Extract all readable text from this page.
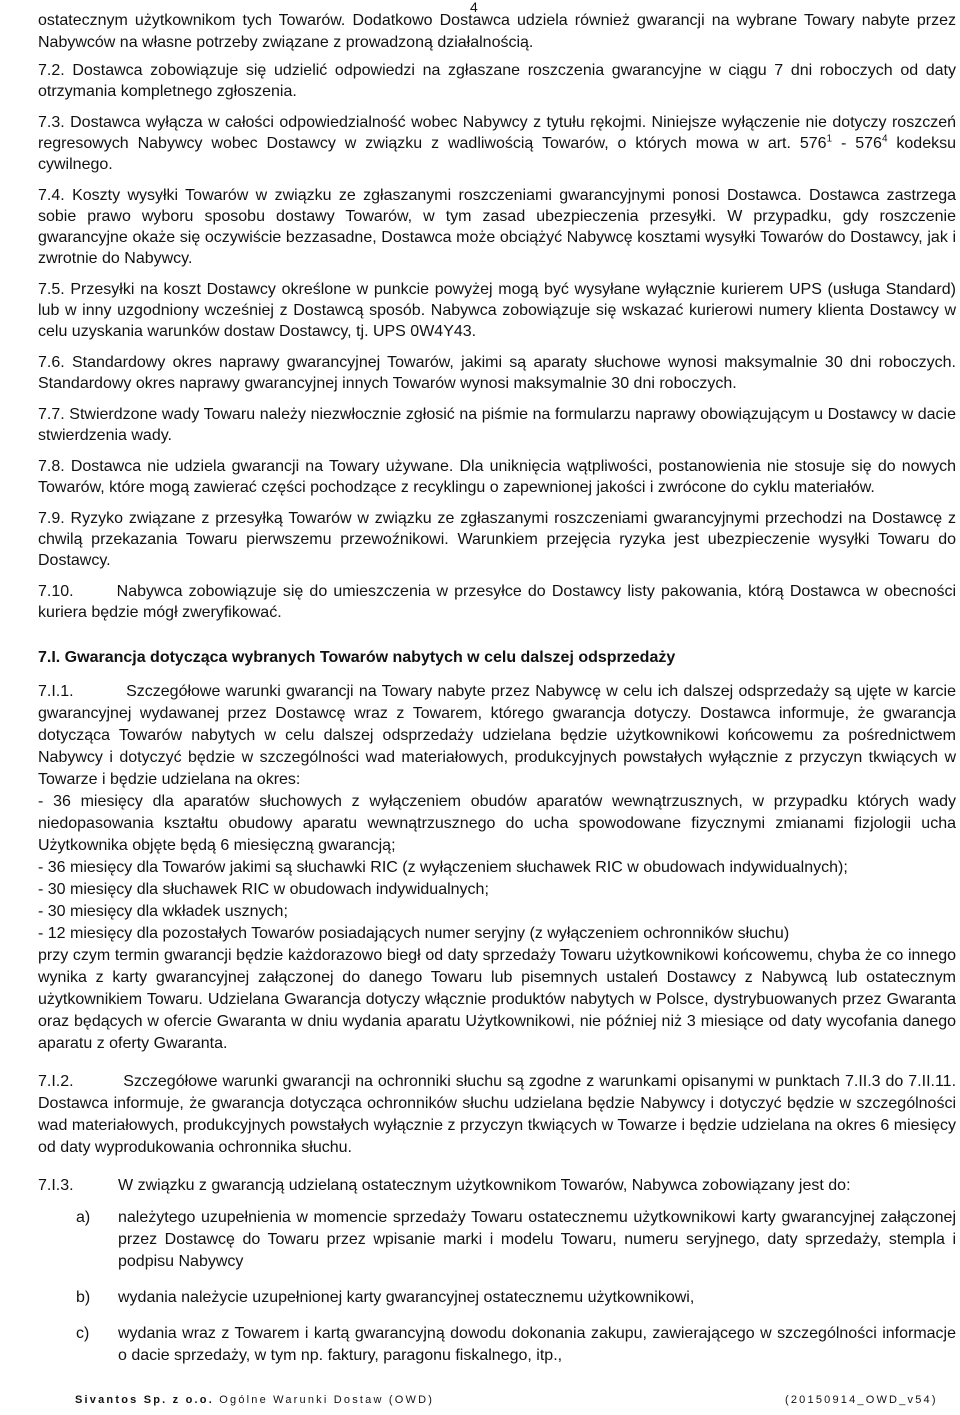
4

ostatecznym użytkownikom tych Towarów. Dodatkowo Dostawca udziela również gwarancji na wybrane Towary nabyte przez Nabywców na własne potrzeby związane z prowadzoną działalnością.

7.2. Dostawca zobowiązuje się udzielić odpowiedzi na zgłaszane roszczenia gwarancyjne w ciągu 7 dni roboczych od daty otrzymania kompletnego zgłoszenia.
7.3. Dostawca wyłącza w całości odpowiedzialność wobec Nabywcy z tytułu rękojmi. Niniejsze wyłączenie nie dotyczy roszczeń regresowych Nabywcy wobec Dostawcy w związku z wadliwością Towarów, o których mowa w art. $576^1 - 576^4$ kodeksu cywilnego.
7.4. Koszty wysyłki Towarów w związku ze zgłaszanymi roszczeniami gwarancyjnymi ponosi Dostawca. Dostawca zastrzega sobie prawo wyboru sposobu dostawy Towarów, w tym zasad ubezpieczenia przesyłki. W przypadku, gdy roszczenie gwarancyjne okaże się oczywiście bezzasadne, Dostawca może obciążyć Nabywcę kosztami wysyłki Towarów do Dostawcy, jak i zwrotnie do Nabywcy.
7.5. Przesyłki na koszt Dostawcy określone w punkcie powyżej mogą być wysyłane wyłącznie kurierem UPS (usługa Standard) lub w inny uzgodniony wcześniej z Dostawcą sposób. Nabywca zobowiązuje się wskazać kurierowi numery klienta Dostawcy w celu uzyskania warunków dostaw Dostawcy, tj. UPS 0W4Y43.
7.6. Standardowy okres naprawy gwarancyjnej Towarów, jakimi są aparaty słuchowe wynosi maksymalnie 30 dni roboczych. Standardowy okres naprawy gwarancyjnej innych Towarów wynosi maksymalnie 30 dni roboczych.
7.7. Stwierdzone wady Towaru należy niezwłocznie zgłosić na piśmie na formularzu naprawy obowiązującym u Dostawcy w dacie stwierdzenia wady.
7.8. Dostawca nie udziela gwarancji na Towary używane. Dla uniknięcia wątpliwości, postanowienia nie stosuje się do nowych Towarów, które mogą zawierać części pochodzące z recyklingu o zapewnionej jakości i zwrócone do cyklu materiałów.
7.9. Ryzyko związane z przesyłką Towarów w związku ze zgłaszanymi roszczeniami gwarancyjnymi przechodzi na Dostawcę z chwilą przekazania Towaru pierwszemu przewoźnikowi. Warunkiem przejęcia ryzyka jest ubezpieczenie wysyłki Towaru do Dostawcy.
7.10.	Nabywca zobowiązuje się do umieszczenia w przesyłce do Dostawcy listy pakowania, którą Dostawca w obecności kuriera będzie mógł zweryfikować.
7.I. Gwarancja dotycząca wybranych Towarów nabytych w celu dalszej odsprzedaży
7.I.1.	Szczegółowe warunki gwarancji na Towary nabyte przez Nabywcę w celu ich dalszej odsprzedaży są ujęte w karcie gwarancyjnej wydawanej przez Dostawcę wraz z Towarem, którego gwarancja dotyczy. Dostawca informuje, że gwarancja dotycząca Towarów nabytych w celu dalszej odsprzedaży udzielana będzie użytkownikowi końcowemu za pośrednictwem Nabywcy i dotyczyć będzie w szczególności wad materiałowych, produkcyjnych powstałych wyłącznie z przyczyn tkwiących w Towarze i będzie udzielana na okres:
- 36 miesięcy dla aparatów słuchowych z wyłączeniem obudów aparatów wewnątrzusznych, w przypadku których wady niedopasowania kształtu obudowy aparatu wewnątrzusznego do ucha spowodowane fizycznymi zmianami fizjologii ucha Użytkownika objęte będą 6 miesięczną gwarancją;
- 36 miesięcy dla Towarów jakimi są słuchawki RIC (z wyłączeniem słuchawek RIC w obudowach indywidualnych);
- 30 miesięcy dla słuchawek RIC w obudowach indywidualnych;
- 30 miesięcy dla wkładek usznych;
- 12 miesięcy dla pozostałych Towarów posiadających numer seryjny (z wyłączeniem ochronników słuchu)
przy czym termin gwarancji będzie każdorazowo biegł od daty sprzedaży Towaru użytkownikowi końcowemu, chyba że co innego wynika z karty gwarancyjnej załączonej do danego Towaru lub pisemnych ustaleń Dostawcy z Nabywcą lub ostatecznym użytkownikiem Towaru. Udzielana Gwarancja dotyczy włącznie produktów nabytych w Polsce, dystrybuowanych przez Gwaranta oraz będących w ofercie Gwaranta w dniu wydania aparatu Użytkownikowi, nie później niż 3 miesiące od daty wycofania danego aparatu z oferty Gwaranta.
7.I.2.	Szczegółowe warunki gwarancji na ochronniki słuchu są zgodne z warunkami opisanymi w punktach 7.II.3 do 7.II.11. Dostawca informuje, że gwarancja dotycząca ochronników słuchu udzielana będzie Nabywcy i dotyczyć będzie w szczególności wad materiałowych, produkcyjnych powstałych wyłącznie z przyczyn tkwiących w Towarze i będzie udzielana na okres 6 miesięcy od daty wyprodukowania ochronnika słuchu.
7.I.3.	W związku z gwarancją udzielaną ostatecznym użytkownikom Towarów, Nabywca zobowiązany jest do:
a) należytego uzupełnienia w momencie sprzedaży Towaru ostatecznemu użytkownikowi karty gwarancyjnej załączonej przez Dostawcę do Towaru przez wpisanie marki i modelu Towaru, numeru seryjnego, daty sprzedaży, stempla i podpisu Nabywcy
b) wydania należycie uzupełnionej karty gwarancyjnej ostatecznemu użytkownikowi,
c) wydania wraz z Towarem i kartą gwarancyjną dowodu dokonania zakupu, zawierającego w szczególności informacje o dacie sprzedaży, w tym np. faktury, paragonu fiskalnego, itp.,
Sivantos Sp. z o.o. Ogólne Warunki Dostaw (OWD)	(20150914_OWD_v54)
